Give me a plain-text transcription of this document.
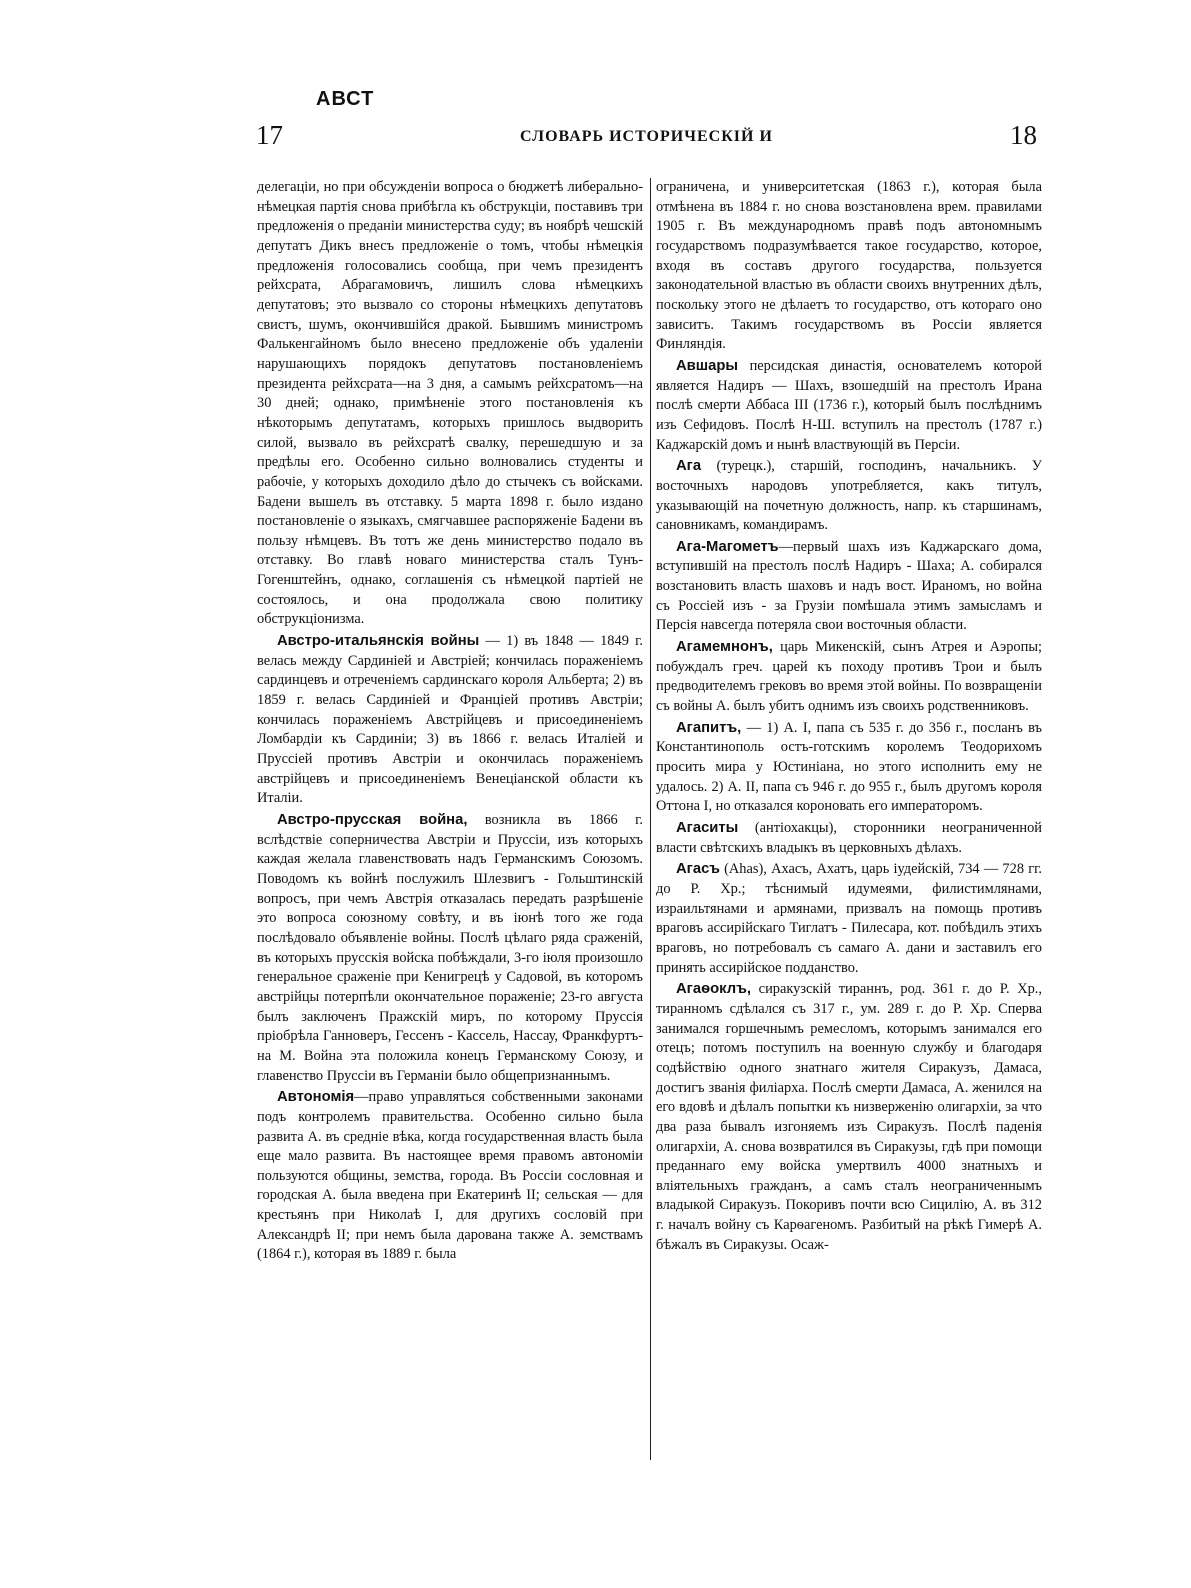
АВСТ
17	СЛОВАРЬ ИСТОРИЧЕСКІЙ И	18

делегаціи, но при обсужденіи вопроса о бюджетѣ либерально-нѣмецкая партія снова прибѣгла къ обструкціи, поставивъ три предложенія о преданіи министерства суду; въ ноябрѣ чешскій депутатъ Дикъ внесъ предложеніе о томъ, чтобы нѣмецкія предложенія голосовались сообща, при чемъ президентъ рейхсрата, Абрагамовичъ, лишилъ слова нѣмецкихъ депутатовъ; это вызвало со стороны нѣмецкихъ депутатовъ свистъ, шумъ, окончившійся дракой. Бывшимъ министромъ Фалькенгайномъ было внесено предложеніе объ удаленіи нарушающихъ порядокъ депутатовъ постановленіемъ президента рейхсрата—на 3 дня, а самымъ рейхсратомъ—на 30 дней; однако, примѣненіе этого постановленія къ нѣкоторымъ депутатамъ, которыхъ пришлось выдворить силой, вызвало въ рейхсратѣ свалку, перешедшую и за предѣлы его. Особенно сильно волновались студенты и рабочіе, у которыхъ доходило дѣло до стычекъ съ войсками. Бадени вышелъ въ отставку. 5 марта 1898 г. было издано постановленіе о языкахъ, смягчавшее распоряженіе Бадени въ пользу нѣмцевъ. Въ тотъ же день министерство подало въ отставку. Во главѣ новаго министерства сталъ Тунъ-Гогенштейнъ, однако, соглашенія съ нѣмецкой партіей не состоялось, и она продолжала свою политику обструкціонизма.

Австро-итальянскія войны — 1) въ 1848 — 1849 г. велась между Сардиніей и Австріей; кончилась пораженіемъ сардинцевъ и отреченіемъ сардинскаго короля Альберта; 2) въ 1859 г. велась Сардиніей и Франціей противъ Австріи; кончилась пораженіемъ Австрійцевъ и присоединеніемъ Ломбардіи къ Сардиніи; 3) въ 1866 г. велась Италіей и Пруссіей противъ Австріи и окончилась пораженіемъ австрійцевъ и присоединеніемъ Венеціанской области къ Италіи.

Австро-прусская война, возникла въ 1866 г. вслѣдствіе соперничества Австріи и Пруссіи, изъ которыхъ каждая желала главенствовать надъ Германскимъ Союзомъ. Поводомъ къ войнѣ послужилъ Шлезвигъ - Гольштинскій вопросъ, при чемъ Австрія отказалась передать разрѣшеніе это вопроса союзному совѣту, и въ іюнѣ того же года послѣдовало объявленіе войны. Послѣ цѣлаго ряда сраженій, въ которыхъ прусскія войска побѣждали, 3-го іюля произошло генеральное сраженіе при Кенигрецѣ у Садовой, въ которомъ австрійцы потерпѣли окончательное пораженіе; 23-го августа былъ заключенъ Пражскій миръ, по которому Пруссія пріобрѣла Ганноверъ, Гессенъ - Кассель, Нассау, Франкфуртъ-на М. Война эта положила конецъ Германскому Союзу, и главенство Пруссіи въ Германіи было общепризнаннымъ.

Автономія—право управляться собственными законами подъ контролемъ правительства. Особенно сильно была развита А. въ средніе вѣка, когда государственная власть была еще мало развита. Въ настоящее время правомъ автономіи пользуются общины, земства, города. Въ Россіи сословная и городская А. была введена при Екатеринѣ II; сельская — для крестьянъ при Николаѣ I, для другихъ сословій при Александрѣ II; при немъ была дарована также А. земствамъ (1864 г.), которая въ 1889 г. была

ограничена, и университетская (1863 г.), которая была отмѣнена въ 1884 г. но снова возстановлена врем. правилами 1905 г. Въ международномъ правѣ подъ автономнымъ государствомъ подразумѣвается такое государство, которое, входя въ составъ другого государства, пользуется законодательной властью въ области своихъ внутренних дѣлъ, поскольку этого не дѣлаетъ то государство, отъ котораго оно зависитъ. Такимъ государствомъ въ Россіи является Финляндія.

Авшары персидская династія, основателемъ которой является Надиръ — Шахъ, взошедшій на престолъ Ирана послѣ смерти Аббаса III (1736 г.), который былъ послѣднимъ изъ Сефидовъ. Послѣ Н-Ш. вступилъ на престолъ (1787 г.) Каджарскій домъ и нынѣ властвующій въ Персіи.

Ага (турецк.), старшій, господинъ, начальникъ. У восточныхъ народовъ употребляется, какъ титулъ, указывающій на почетную должность, напр. къ старшинамъ, сановникамъ, командирамъ.

Ага-Магометъ—первый шахъ изъ Каджарскаго дома, вступившій на престолъ послѣ Надиръ - Шаха; А. собирался возстановить власть шаховъ и надъ вост. Ираномъ, но война съ Россіей изъ - за Грузіи помѣшала этимъ замысламъ и Персія навсегда потеряла свои восточныя области.

Агамемнонъ, царь Микенскій, сынъ Атрея и Аэропы; побуждалъ греч. царей къ походу противъ Трои и былъ предводителемъ грековъ во время этой войны. По возвращеніи съ войны А. былъ убитъ однимъ изъ своихъ родственниковъ.

Агапитъ, — 1) А. I, папа съ 535 г. до 356 г., посланъ въ Константинополь остъ-готскимъ королемъ Теодорихомъ просить мира у Юстиніана, но этого исполнить ему не удалось. 2) А. II, папа съ 946 г. до 955 г., былъ другомъ короля Оттона I, но отказался короновать его императоромъ.

Агаситы (антіохакцы), сторонники неограниченной власти свѣтскихъ владыкъ въ церковныхъ дѣлахъ.

Агасъ (Ahas), Ахасъ, Ахатъ, царь іудейскій, 734 — 728 гг. до Р. Хр.; тѣснимый идумеями, филистимлянами, израильтянами и армянами, призвалъ на помощь противъ враговъ ассирійскаго Тиглатъ - Пилесара, кот. побѣдилъ этихъ враговъ, но потребовалъ съ самаго А. дани и заставилъ его принять ассирійское подданство.

Агаѳоклъ, сиракузскій тираннъ, род. 361 г. до Р. Хр., тиранномъ сдѣлался съ 317 г., ум. 289 г. до Р. Хр. Сперва занимался горшечнымъ ремесломъ, которымъ занимался его отецъ; потомъ поступилъ на военную службу и благодаря содѣйствію одного знатнаго жителя Сиракузъ, Дамаса, достигъ званія филіарха. Послѣ смерти Дамаса, А. женился на его вдовѣ и дѣлалъ попытки къ низверженію олигархіи, за что два раза бывалъ изгоняемъ изъ Сиракузъ. Послѣ паденія олигархіи, А. снова возвратился въ Сиракузы, гдѣ при помощи преданнаго ему войска умертвилъ 4000 знатныхъ и вліятельныхъ гражданъ, а самъ сталъ неограниченнымъ владыкой Сиракузъ. Покоривъ почти всю Сицилію, А. въ 312 г. началъ войну съ Карѳагеномъ. Разбитый на рѣкѣ Гимерѣ А. бѣжалъ въ Сиракузы. Осаж-
